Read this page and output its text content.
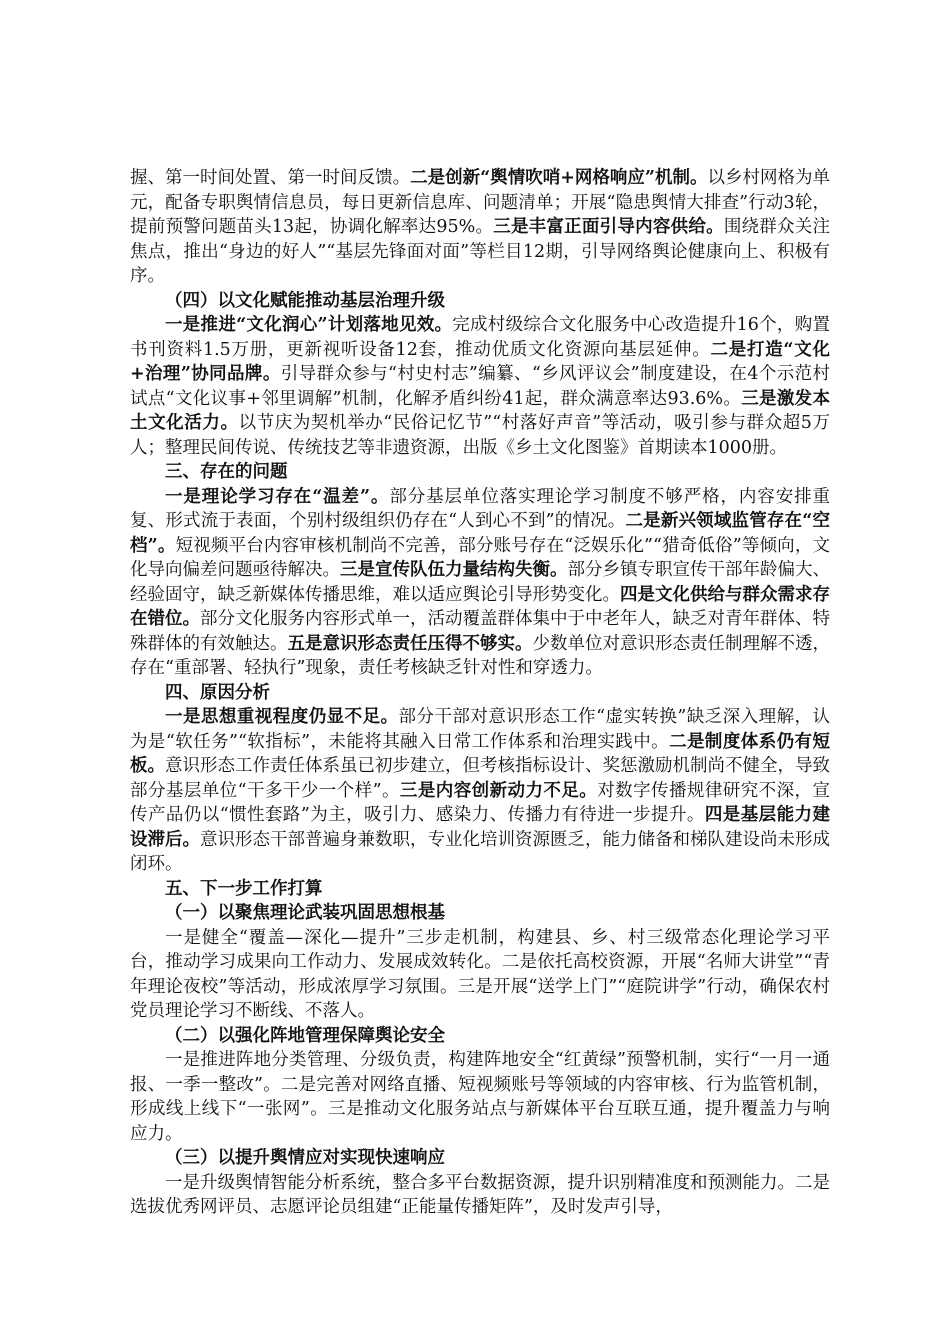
握、第一时间处置、第一时间反馈。二是创新“舆情吹哨+网格响应”机制。以乡村网格为单元，配备专职舆情信息员，每日更新信息库、问题清单；开展“隐患舆情大排查”行动3轮，提前预警问题苗头13起，协调化解率达95%。三是丰富正面引导内容供给。围绕群众关注焦点，推出“身边的好人”“基层先锋面对面”等栏目12期，引导网络舆论健康向上、积极有序。

（四）以文化赋能推动基层治理升级

一是推进“文化润心”计划落地见效。完成村级综合文化服务中心改造提升16个，购置书刊资料1.5万册，更新视听设备12套，推动优质文化资源向基层延伸。二是打造“文化+治理”协同品牌。引导群众参与“村史村志”编纂、“乡风评议会”制度建设，在4个示范村试点“文化议事+邻里调解”机制，化解矛盾纠纷41起，群众满意率达93.6%。三是激发本土文化活力。以节庆为契机举办“民俗记忆节”“村落好声音”等活动，吸引参与群众超5万人；整理民间传说、传统技艺等非遗资源，出版《乡土文化图鉴》首期读本1000册。

三、存在的问题

一是理论学习存在“温差”。部分基层单位落实理论学习制度不够严格，内容安排重复、形式流于表面，个别村级组织仍存在“人到心不到”的情况。二是新兴领域监管存在“空档”。短视频平台内容审核机制尚不完善，部分账号存在“泛娱乐化”“猎奇低俗”等倾向，文化导向偏差问题亟待解决。三是宣传队伍力量结构失衡。部分乡镇专职宣传干部年龄偏大、经验固守，缺乏新媒体传播思维，难以适应舆论引导形势变化。四是文化供给与群众需求存在错位。部分文化服务内容形式单一，活动覆盖群体集中于中老年人，缺乏对青年群体、特殊群体的有效触达。五是意识形态责任压得不够实。少数单位对意识形态责任制理解不透，存在“重部署、轻执行”现象，责任考核缺乏针对性和穿透力。

四、原因分析

一是思想重视程度仍显不足。部分干部对意识形态工作“虚实转换”缺乏深入理解，认为是“软任务”“软指标”，未能将其融入日常工作体系和治理实践中。二是制度体系仍有短板。意识形态工作责任体系虽已初步建立，但考核指标设计、奖惩激励机制尚不健全，导致部分基层单位“干多干少一个样”。三是内容创新动力不足。对数字传播规律研究不深，宣传产品仍以“惯性套路”为主，吸引力、感染力、传播力有待进一步提升。四是基层能力建设滞后。意识形态干部普遍身兼数职，专业化培训资源匮乏，能力储备和梯队建设尚未形成闭环。

五、下一步工作打算

（一）以聚焦理论武装巩固思想根基

一是健全“覆盖—深化—提升”三步走机制，构建县、乡、村三级常态化理论学习平台，推动学习成果向工作动力、发展成效转化。二是依托高校资源，开展“名师大讲堂”“青年理论夜校”等活动，形成浓厚学习氛围。三是开展“送学上门”“庭院讲学”行动，确保农村党员理论学习不断线、不落人。

（二）以强化阵地管理保障舆论安全

一是推进阵地分类管理、分级负责，构建阵地安全“红黄绿”预警机制，实行“一月一通报、一季一整改”。二是完善对网络直播、短视频账号等领域的内容审核、行为监管机制，形成线上线下“一张网”。三是推动文化服务站点与新媒体平台互联互通，提升覆盖力与响应力。

（三）以提升舆情应对实现快速响应

一是升级舆情智能分析系统，整合多平台数据资源，提升识别精准度和预测能力。二是选拔优秀网评员、志愿评论员组建“正能量传播矩阵”，及时发声引导，
